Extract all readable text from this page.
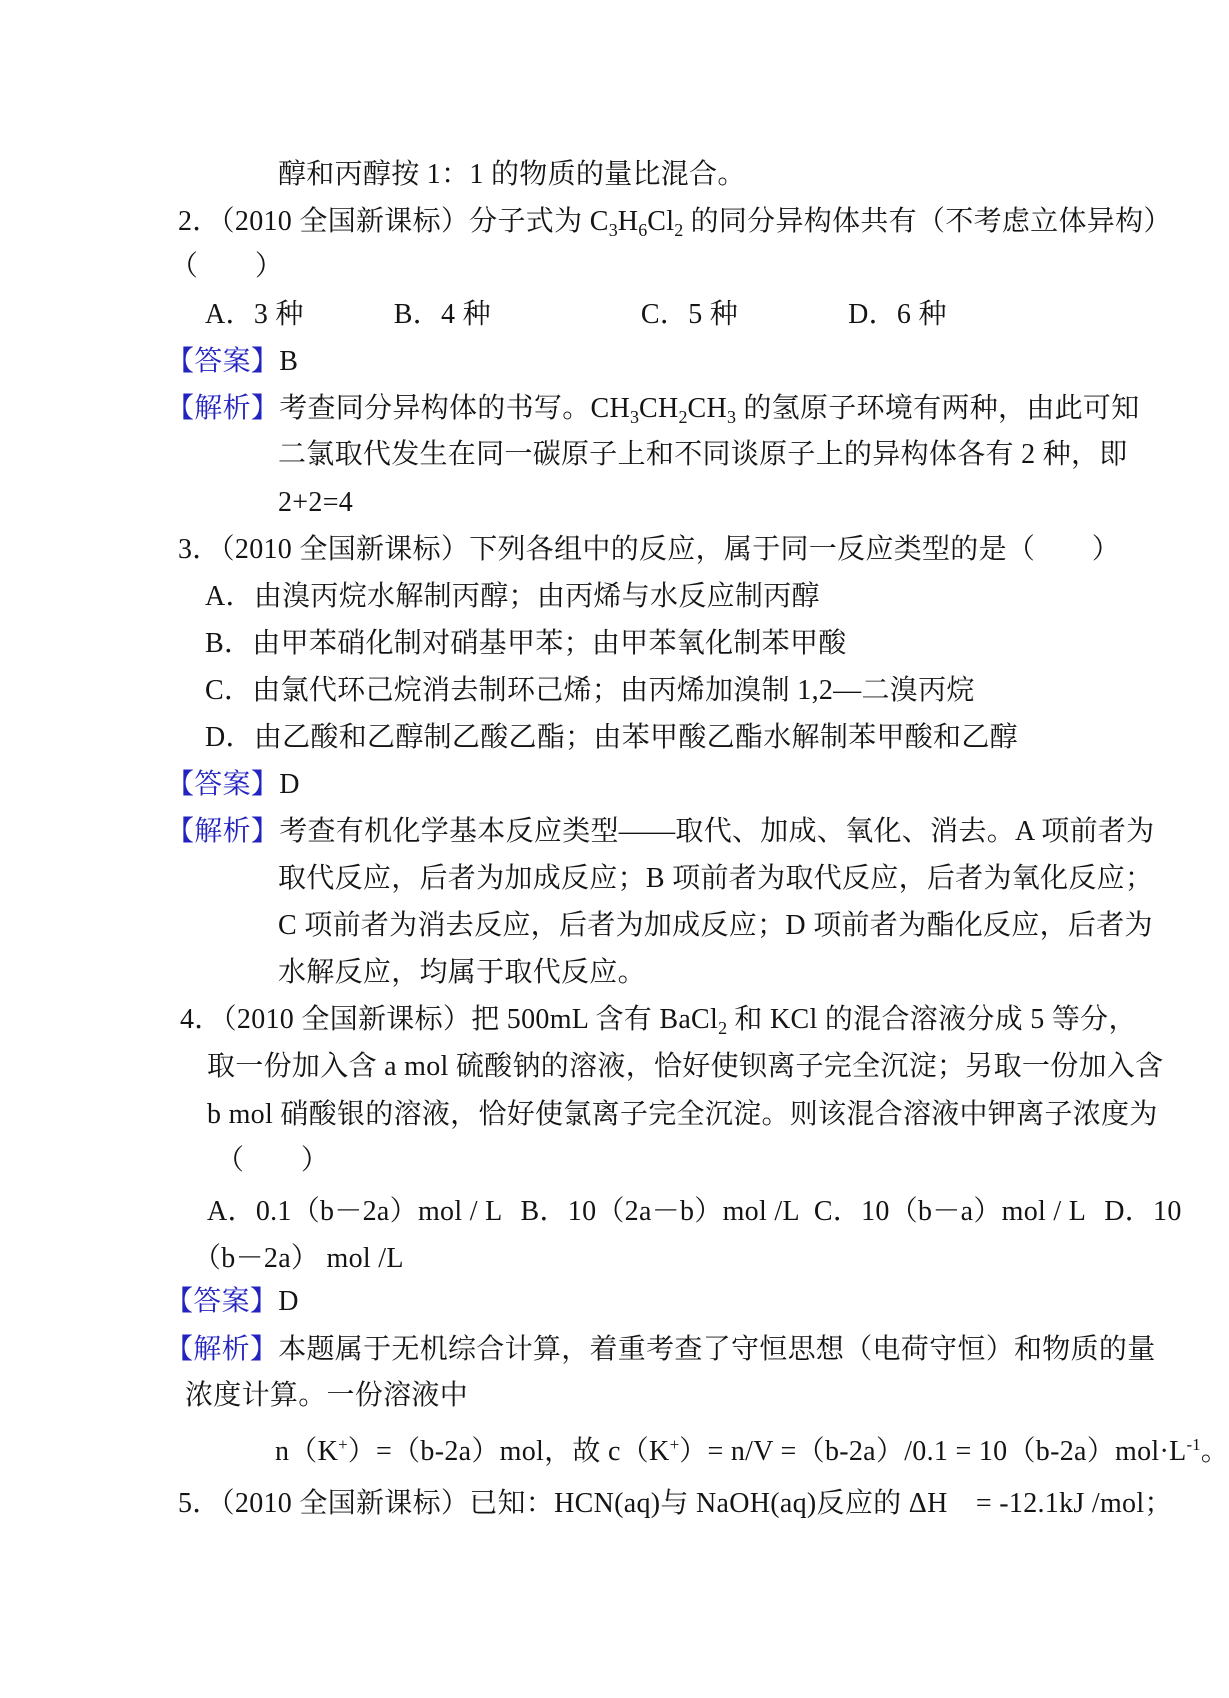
醇和丙醇按 1：1 的物质的量比混合。
2．（2010 全国新课标）分子式为 $C_3H_6Cl_2$ 的同分异构体共有（不考虑立体异构）
（　　）
A．3 种	B．4 种	C．5 种	D．6 种
【答案】B
【解析】考查同分异构体的书写。$CH_3CH_2CH_3$ 的氢原子环境有两种，由此可知
二氯取代发生在同一碳原子上和不同谈原子上的异构体各有 2 种，即
2+2=4
3．（2010 全国新课标）下列各组中的反应，属于同一反应类型的是（　　）
A．由溴丙烷水解制丙醇；由丙烯与水反应制丙醇
B．由甲苯硝化制对硝基甲苯；由甲苯氧化制苯甲酸
C．由氯代环己烷消去制环己烯；由丙烯加溴制 1,2—二溴丙烷
D．由乙酸和乙醇制乙酸乙酯；由苯甲酸乙酯水解制苯甲酸和乙醇
【答案】D
【解析】考查有机化学基本反应类型——取代、加成、氧化、消去。A 项前者为
取代反应，后者为加成反应；B 项前者为取代反应，后者为氧化反应；
C 项前者为消去反应，后者为加成反应；D 项前者为酯化反应，后者为
水解反应，均属于取代反应。
4．（2010 全国新课标）把 500mL 含有 BaCl$_2$ 和 KCl 的混合溶液分成 5 等分，
取一份加入含 a mol 硫酸钠的溶液，恰好使钡离子完全沉淀；另取一份加入含
b mol 硝酸银的溶液，恰好使氯离子完全沉淀。则该混合溶液中钾离子浓度为
（　　）
A．0.1（b－2a）mol / L B．10（2a－b）mol /L C．10（b－a）mol / L D．10
（b－2a） mol /L
【答案】D
【解析】本题属于无机综合计算，着重考查了守恒思想（电荷守恒）和物质的量
浓度计算。一份溶液中
n（K+）=（b-2a）mol，故 $c(K^+)= n/V =(b-2a)/0.1 = 10(b-2a)mol\cdot L^{-1}$。
5．（2010 全国新课标）已知：HCN(aq)与 NaOH(aq)反应的 ΔH　= -12.1kJ /mol；
